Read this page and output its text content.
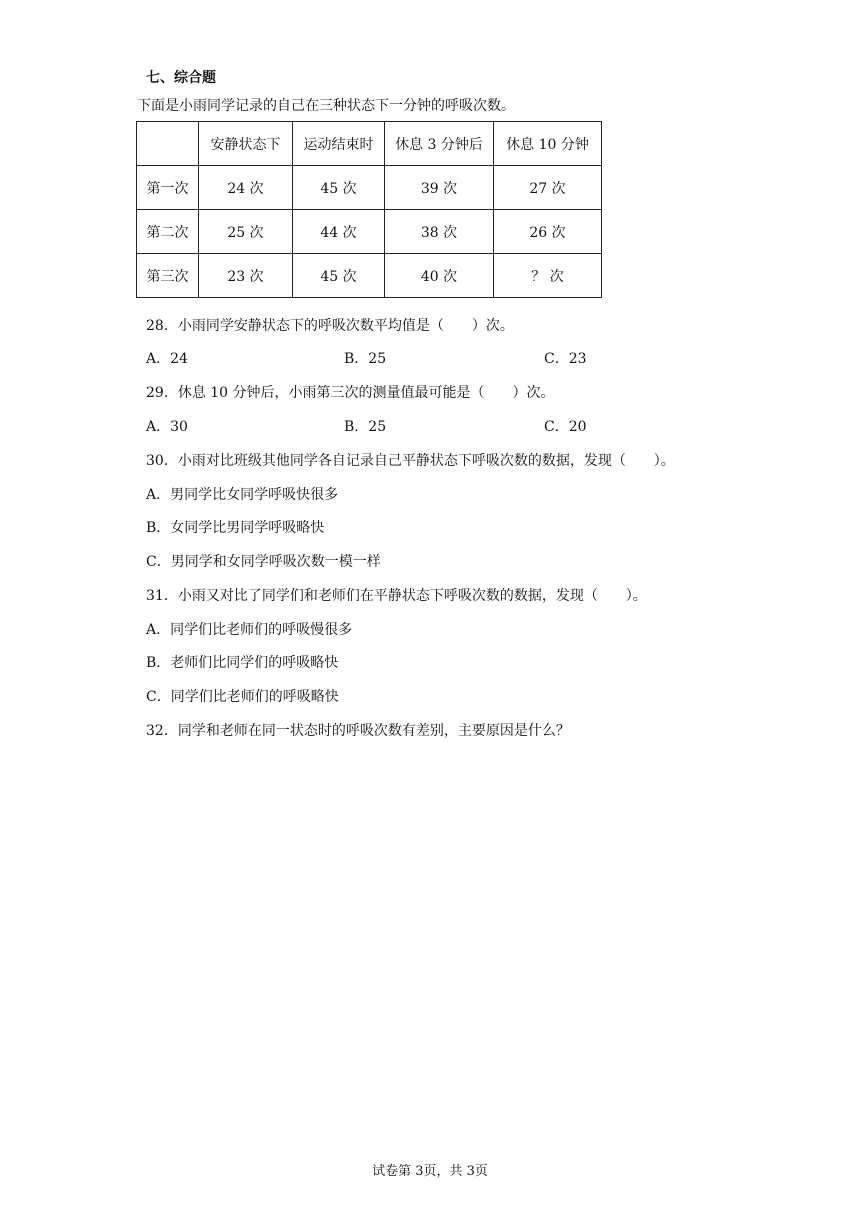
七、综合题
下面是小雨同学记录的自己在三种状态下一分钟的呼吸次数。
	安静状态下	运动结束时	休息 3 分钟后	休息 10 分钟
第一次	24 次	45 次	39 次	27 次
第二次	25 次	44 次	38 次	26 次
第三次	23 次	45 次	40 次	？ 次
28．小雨同学安静状态下的呼吸次数平均值是（　　）次。
A．24	B．25	C．23
29．休息 10 分钟后，小雨第三次的测量值最可能是（　　）次。
A．30	B．25	C．20
30．小雨对比班级其他同学各自记录自己平静状态下呼吸次数的数据，发现（　　）。
A．男同学比女同学呼吸快很多
B．女同学比男同学呼吸略快
C．男同学和女同学呼吸次数一模一样
31．小雨又对比了同学们和老师们在平静状态下呼吸次数的数据，发现（　　）。
A．同学们比老师们的呼吸慢很多
B．老师们比同学们的呼吸略快
C．同学们比老师们的呼吸略快
32．同学和老师在同一状态时的呼吸次数有差别，主要原因是什么？
试卷第 3页，共 3页
